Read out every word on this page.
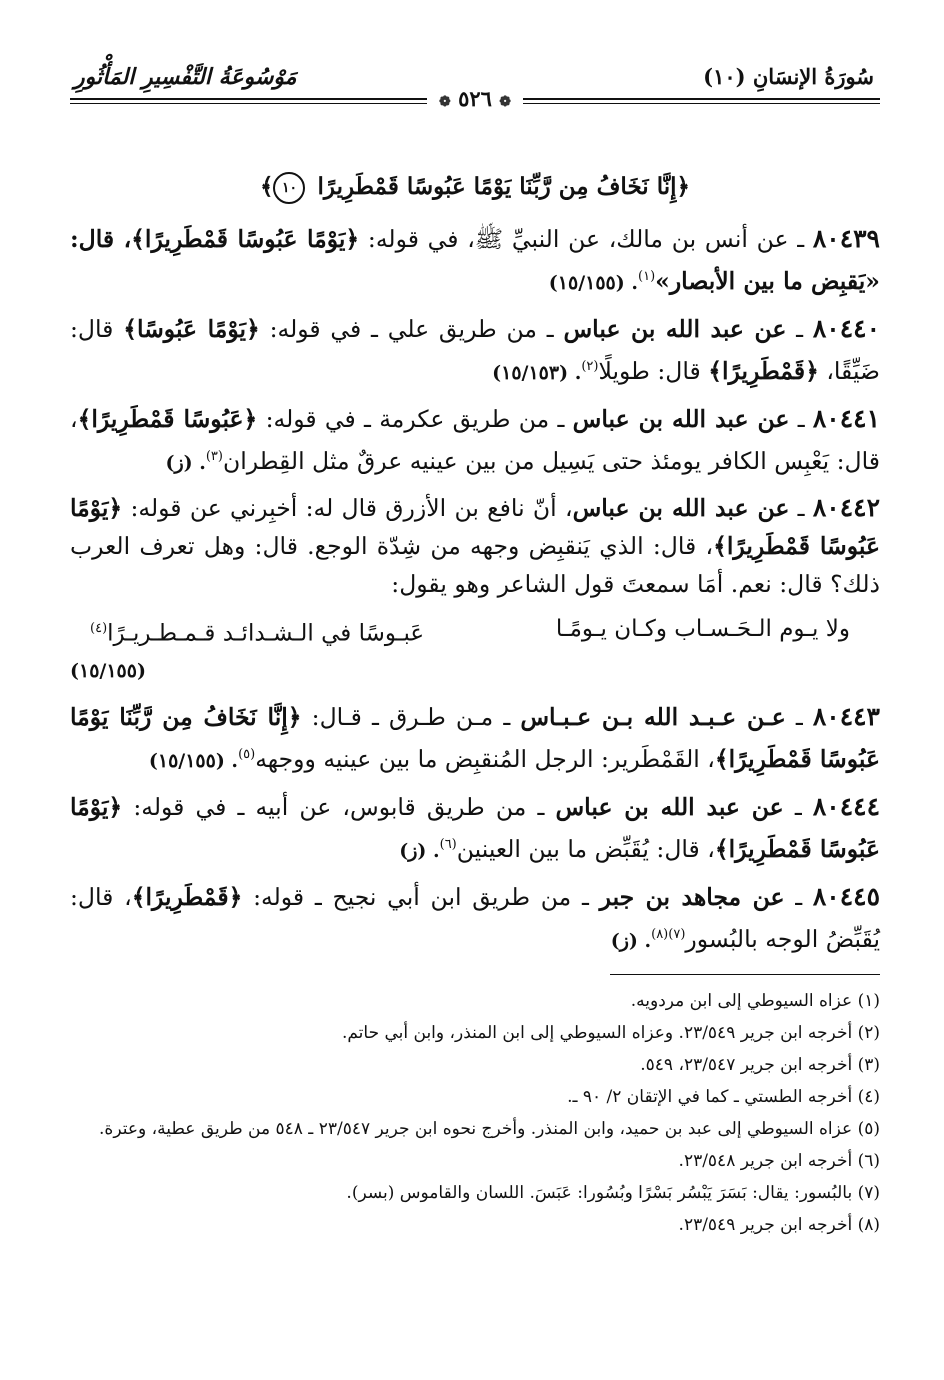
سُورَةُ الإنسَانِ (١٠)
مَوْسُوعَةُ التَّفْسِيرِ المَأْثُورِ
❁ ٥٢٦ ❁
﴿إِنَّا نَخَافُ مِن رَّبِّنَا يَوْمًا عَبُوسًا قَمْطَرِيرًا ١٠﴾
٨٠٤٣٩ ـ عن أنس بن مالك، عن النبيِّ ﷺ، في قوله: ﴿يَوْمًا عَبُوسًا قَمْطَرِيرًا﴾، قال: «يَقبِض ما بين الأبصار»$^{(١)}$. (١٥/١٥٥)
٨٠٤٤٠ ـ عن عبد الله بن عباس ـ من طريق علي ـ في قوله: ﴿يَوْمًا عَبُوسًا﴾ قال: ضَيِّقًا، ﴿قَمْطَرِيرًا﴾ قال: طويلًا$^{(٢)}$. (١٥/١٥٣)
٨٠٤٤١ ـ عن عبد الله بن عباس ـ من طريق عكرمة ـ في قوله: ﴿عَبُوسًا قَمْطَرِيرًا﴾، قال: يَعْبِس الكافر يومئذ حتى يَسِيل من بين عينيه عرقٌ مثل القِطران$^{(٣)}$. (ز)
٨٠٤٤٢ ـ عن عبد الله بن عباس، أنّ نافع بن الأزرق قال له: أخبِرني عن قوله: ﴿يَوْمًا عَبُوسًا قَمْطَرِيرًا﴾، قال: الذي يَنقبِض وجهه من شِدّة الوجع. قال: وهل تعرف العرب ذلك؟ قال: نعم. أمَا سمعتَ قول الشاعر وهو يقول:
ولا يـوم الـحَـسـاب وكـان يـومًـا
عَبـوسًا في الـشـدائـد قـمـطـريـرًا$^{(٤)}$
(١٥/١٥٥)
٨٠٤٤٣ ـ عـن عـبـد الله بـن عـبـاس ـ مـن طـرق ـ قـال: ﴿إِنَّا نَخَافُ مِن رَّبِّنَا يَوْمًا عَبُوسًا قَمْطَرِيرًا﴾، القَمْطَرير: الرجل المُنقبِض ما بين عينيه ووجهه$^{(٥)}$. (١٥/١٥٥)
٨٠٤٤٤ ـ عن عبد الله بن عباس ـ من طريق قابوس، عن أبيه ـ في قوله: ﴿يَوْمًا عَبُوسًا قَمْطَرِيرًا﴾، قال: يُقَبِّض ما بين العينين$^{(٦)}$. (ز)
٨٠٤٤٥ ـ عن مجاهد بن جبر ـ من طريق ابن أبي نجيح ـ قوله: ﴿قَمْطَرِيرًا﴾، قال: يُقَبِّضُ الوجه بالبُسور$^{(٧)(٨)}$. (ز)
(١) عزاه السيوطي إلى ابن مردويه.
(٢) أخرجه ابن جرير ٢٣/٥٤٩. وعزاه السيوطي إلى ابن المنذر، وابن أبي حاتم.
(٣) أخرجه ابن جرير ٢٣/٥٤٧، ٥٤٩.
(٤) أخرجه الطستي ـ كما في الإتقان ٢/ ٩٠ ـ.
(٥) عزاه السيوطي إلى عبد بن حميد، وابن المنذر. وأخرج نحوه ابن جرير ٢٣/٥٤٧ ـ ٥٤٨ من طريق عطية، وعترة.
(٦) أخرجه ابن جرير ٢٣/٥٤٨.
(٧) بالبُسور: يقال: بَسَرَ يَبْسُر بَسْرًا وبُسُورا: عَبَسَ. اللسان والقاموس (بسر).
(٨) أخرجه ابن جرير ٢٣/٥٤٩.
